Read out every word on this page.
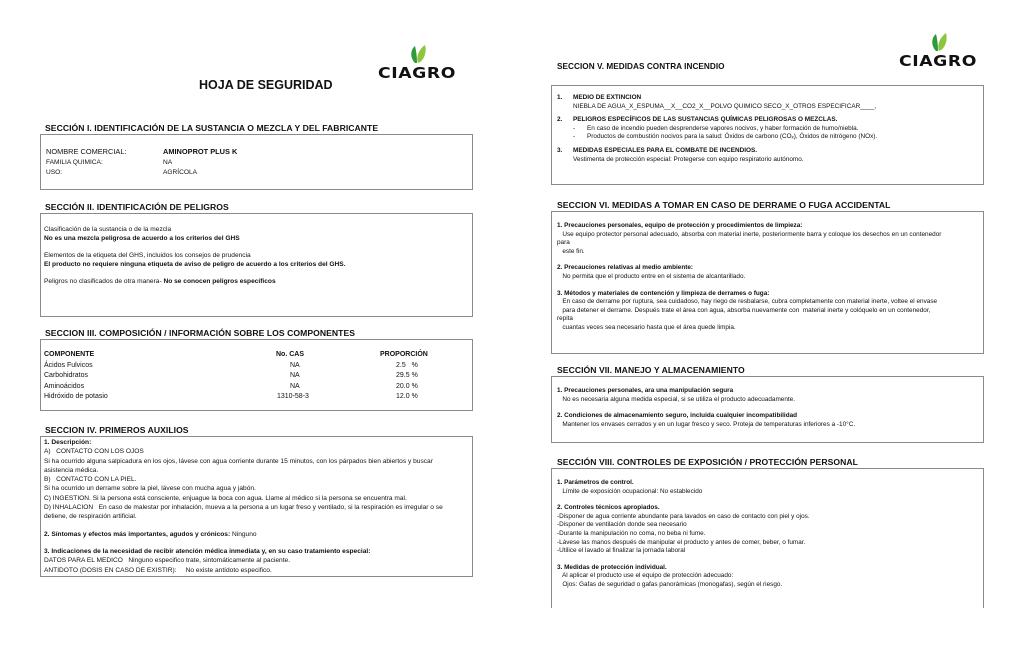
CIAGRO
HOJA DE SEGURIDAD
SECCIÓN I. IDENTIFICACIÓN DE LA SUSTANCIA O MEZCLA Y DEL FABRICANTE
NOMBRE COMERCIAL:	AMINOPROT PLUS K
FAMILIA QUIMICA:	NA
USO:	AGRÍCOLA
SECCIÓN II. IDENTIFICACIÓN DE PELIGROS
Clasificación de la sustancia o de la mezcla
No es una mezcla peligrosa de acuerdo a los criterios del GHS
Elementos de la etiqueta del GHS, incluidos los consejos de prudencia
El producto no requiere ninguna etiqueta de aviso de peligro de acuerdo a los criterios del GHS.
Peligros no clasificados de otra manera- No se conocen peligros específicos
SECCION III. COMPOSICIÓN / INFORMACIÓN SOBRE LOS COMPONENTES
COMPONENTE	No. CAS	PROPORCIÓN
Ácidos Fulvicos	NA	2.5   %
Carbohidratos	NA	29.5 %
Aminoácidos	NA	20.0 %
Hidróxido de potasio	1310-58-3	12.0 %
SECCION IV. PRIMEROS AUXILIOS
1. Descripción:
A)   CONTACTO CON LOS OJOS
Si ha ocurrido alguna salpicadura en los ojos, lávese con agua corriente durante 15 minutos, con los párpados bien abiertos y buscar
asistencia médica.
B)   CONTACTO CON LA PIEL.
Si ha ocurrido un derrame sobre la piel, lávese con mucha agua y jabón.
C) INGESTION. Si la persona está consciente, enjuague la boca con agua. Llame al médico si la persona se encuentra mal.
D) INHALACION   En caso de malestar por inhalación, mueva a la persona a un lugar freso y ventilado, si la respiración es irregular o se
detiene, de respiración artificial.
2. Síntomas y efectos más importantes, agudos y crónicos: Ninguno
3. Indicaciones de la necesidad de recibir atención médica inmediata y, en su caso tratamiento especial:
DATOS PARA EL MEDICO   Ninguno especifico trate, sintomáticamente al paciente.
ANTIDOTO (DOSIS EN CASO DE EXISTIR):     No existe antídoto especifico.
CIAGRO
SECCION V. MEDIDAS CONTRA INCENDIO
1. MEDIO DE EXTINCION
NIEBLA DE AGUA_X_ESPUMA__X__CO2_X__POLVO QUIMICO SECO_X_OTROS ESPECIFICAR____,
2. PELIGROS ESPECÍFICOS DE LAS SUSTANCIAS QUÍMICAS PELIGROSAS O MEZCLAS.
- En caso de incendio pueden desprenderse vapores nocivos, y haber formación de humo/niebla.
- Productos de combustión nocivos para la salud: Óxidos de carbono (COₓ), Óxidos de nitrógeno (NOx).
3. MEDIDAS ESPECIALES PARA EL COMBATE DE INCENDIOS.
Vestimenta de protección especial: Protegerse con equipo respiratorio autónomo.
SECCION VI. MEDIDAS A TOMAR EN CASO DE DERRAME O FUGA ACCIDENTAL
1. Precauciones personales, equipo de protección y procedimientos de limpieza:
Use equipo protector personal adecuado, absorba con material inerte, posteriormente barra y coloque los desechos en un contenedor
para
este fin.
2. Precauciones relativas al medio ambiente:
No permita que el producto entre en el sistema de alcantarillado.
3. Métodos y materiales de contención y limpieza de derrames o fuga:
En caso de derrame por ruptura, sea cuidadoso, hay riego de resbalarse, cubra completamente con material inerte, voltee el envase
para detener el derrame. Después trate el área con agua, absorba nuevamente con  material inerte y colóquelo en un contenedor,
repita
cuantas veces sea necesario hasta que el área quede limpia.
SECCIÓN VII. MANEJO Y ALMACENAMIENTO
1. Precauciones personales, ara una manipulación segura
No es necesaria alguna medida especial, si se utiliza el producto adecuadamente.
2. Condiciones de almacenamiento seguro, incluida cualquier incompatibilidad
Mantener los envases cerrados y en un lugar fresco y seco. Proteja de temperaturas inferiores a -10°C.
SECCIÓN VIII. CONTROLES DE EXPOSICIÓN / PROTECCIÓN PERSONAL
1. Parámetros de control.
Límite de exposición ocupacional: No establecido
2. Controles técnicos apropiados.
-Disponer de agua corriente abundante para lavados en caso de contacto con piel y ojos.
-Disponer de ventilación donde sea necesario
-Durante la manipulación no coma, no beba ni fume.
-Lávese las manos después de manipular el producto y antes de comer, beber, o fumar.
-Utilice el lavado al finalizar la jornada laboral
3. Medidas de protección individual.
Al aplicar el producto use el equipo de protección adecuado:
Ojos: Gafas de seguridad o gafas panorámicas (monogafas), según el riesgo.
